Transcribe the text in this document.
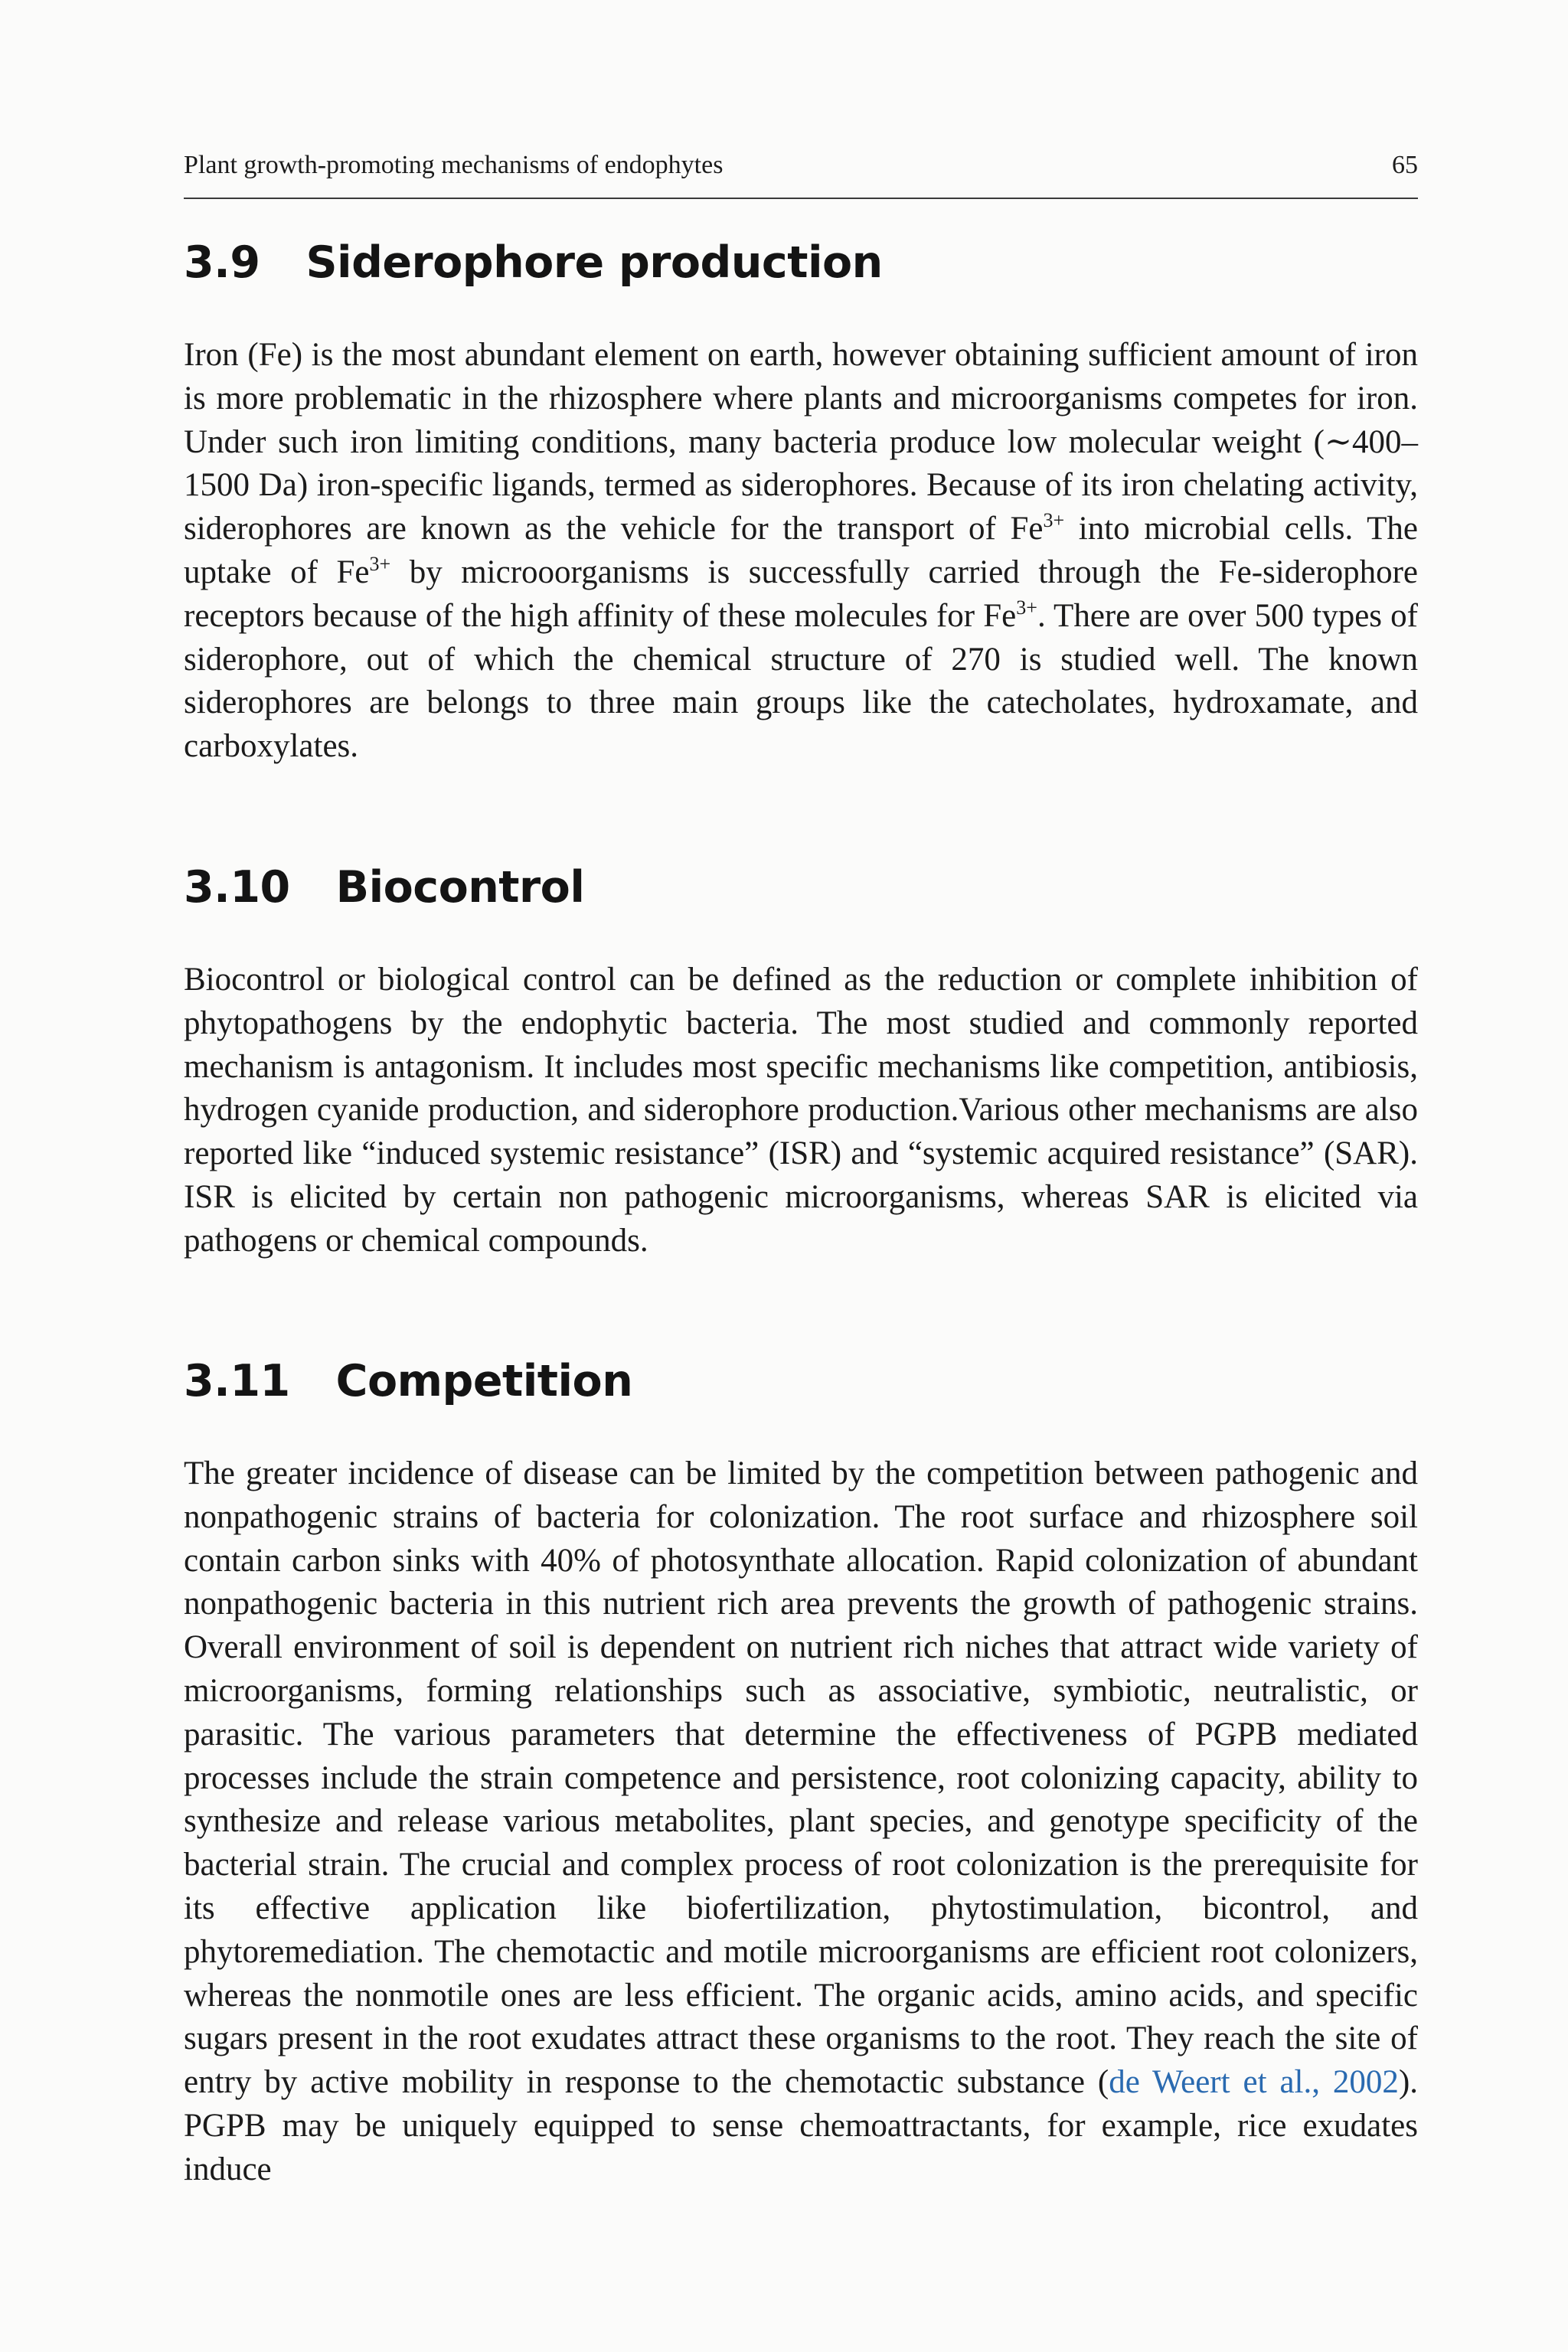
Plant growth-promoting mechanisms of endophytes	65
3.9 Siderophore production

Iron (Fe) is the most abundant element on earth, however obtaining sufficient amount of iron is more problematic in the rhizosphere where plants and microorganisms competes for iron. Under such iron limiting conditions, many bacteria produce low molecular weight (∼400–1500 Da) iron-specific ligands, termed as siderophores. Because of its iron chelating activity, siderophores are known as the vehicle for the transport of $Fe^{3+}$ into microbial cells. The uptake of $Fe^{3+}$ by microoorganisms is successfully carried through the Fe-siderophore receptors because of the high affinity of these molecules for $Fe^{3+}$. There are over 500 types of siderophore, out of which the chemical structure of 270 is studied well. The known siderophores are belongs to three main groups like the catecholates, hydroxamate, and carboxylates.

3.10 Biocontrol

Biocontrol or biological control can be defined as the reduction or complete inhibition of phytopathogens by the endophytic bacteria. The most studied and commonly reported mechanism is antagonism. It includes most specific mechanisms like competition, antibiosis, hydrogen cyanide production, and siderophore production.Various other mechanisms are also reported like “induced systemic resistance” (ISR) and “systemic acquired resistance” (SAR). ISR is elicited by certain non pathogenic microorganisms, whereas SAR is elicited via pathogens or chemical compounds.

3.11 Competition

The greater incidence of disease can be limited by the competition between pathogenic and nonpathogenic strains of bacteria for colonization. The root surface and rhizosphere soil contain carbon sinks with 40% of photosynthate allocation. Rapid colonization of abundant nonpathogenic bacteria in this nutrient rich area prevents the growth of pathogenic strains. Overall environment of soil is dependent on nutrient rich niches that attract wide variety of microorganisms, forming relationships such as associative, symbiotic, neutralistic, or parasitic. The various parameters that determine the effectiveness of PGPB mediated processes include the strain competence and persistence, root colonizing capacity, ability to synthesize and release various metabolites, plant species, and genotype specificity of the bacterial strain. The crucial and complex process of root colonization is the prerequisite for its effective application like biofertilization, phytostimulation, bicontrol, and phytoremediation. The chemotactic and motile microorganisms are efficient root colonizers, whereas the nonmotile ones are less efficient. The organic acids, amino acids, and specific sugars present in the root exudates attract these organisms to the root. They reach the site of entry by active mobility in response to the chemotactic substance (de Weert et al., 2002). PGPB may be uniquely equipped to sense chemoattractants, for example, rice exudates induce
